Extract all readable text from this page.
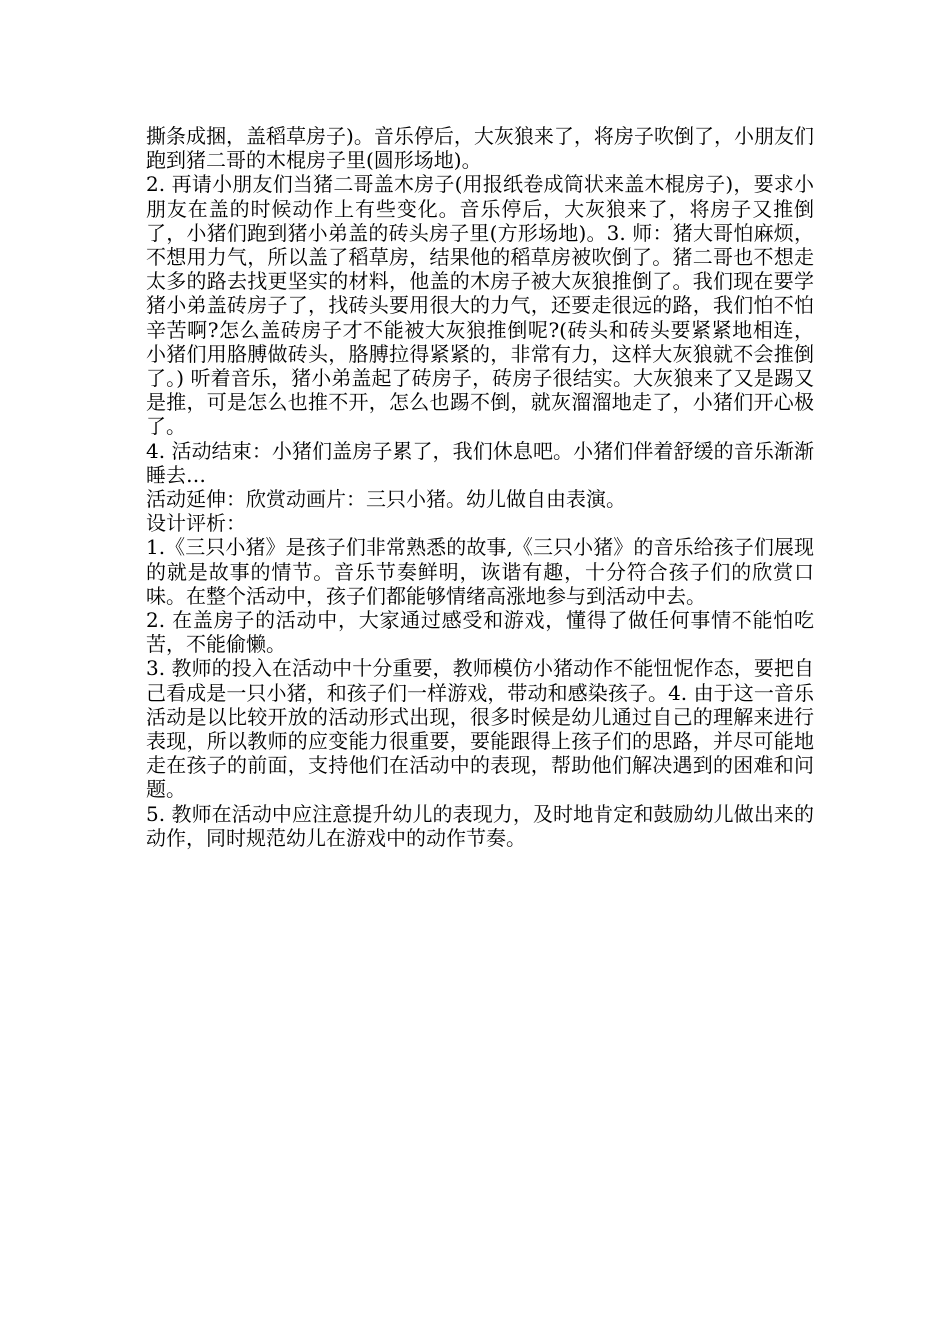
撕条成捆，盖稻草房子)。音乐停后，大灰狼来了，将房子吹倒了，小朋友们跑到猪二哥的木棍房子里(圆形场地)。

2. 再请小朋友们当猪二哥盖木房子(用报纸卷成筒状来盖木棍房子)，要求小朋友在盖的时候动作上有些变化。音乐停后，大灰狼来了，将房子又推倒了，小猪们跑到猪小弟盖的砖头房子里(方形场地)。3. 师：猪大哥怕麻烦，不想用力气，所以盖了稻草房，结果他的稻草房被吹倒了。猪二哥也不想走太多的路去找更坚实的材料，他盖的木房子被大灰狼推倒了。我们现在要学猪小弟盖砖房子了，找砖头要用很大的力气，还要走很远的路，我们怕不怕辛苦啊?怎么盖砖房子才不能被大灰狼推倒呢?(砖头和砖头要紧紧地相连，小猪们用胳膊做砖头，胳膊拉得紧紧的，非常有力，这样大灰狼就不会推倒了。) 听着音乐，猪小弟盖起了砖房子，砖房子很结实。大灰狼来了又是踢又是推，可是怎么也推不开，怎么也踢不倒，就灰溜溜地走了，小猪们开心极了。

4. 活动结束：小猪们盖房子累了，我们休息吧。小猪们伴着舒缓的音乐渐渐睡去…

活动延伸：欣赏动画片：三只小猪。幼儿做自由表演。

设计评析：

1.《三只小猪》是孩子们非常熟悉的故事,《三只小猪》的音乐给孩子们展现的就是故事的情节。音乐节奏鲜明，诙谐有趣，十分符合孩子们的欣赏口味。在整个活动中，孩子们都能够情绪高涨地参与到活动中去。

2. 在盖房子的活动中，大家通过感受和游戏，懂得了做任何事情不能怕吃苦，不能偷懒。

3. 教师的投入在活动中十分重要，教师模仿小猪动作不能忸怩作态，要把自己看成是一只小猪，和孩子们一样游戏，带动和感染孩子。4. 由于这一音乐活动是以比较开放的活动形式出现，很多时候是幼儿通过自己的理解来进行表现，所以教师的应变能力很重要，要能跟得上孩子们的思路，并尽可能地走在孩子的前面，支持他们在活动中的表现，帮助他们解决遇到的困难和问题。

5. 教师在活动中应注意提升幼儿的表现力，及时地肯定和鼓励幼儿做出来的动作，同时规范幼儿在游戏中的动作节奏。
